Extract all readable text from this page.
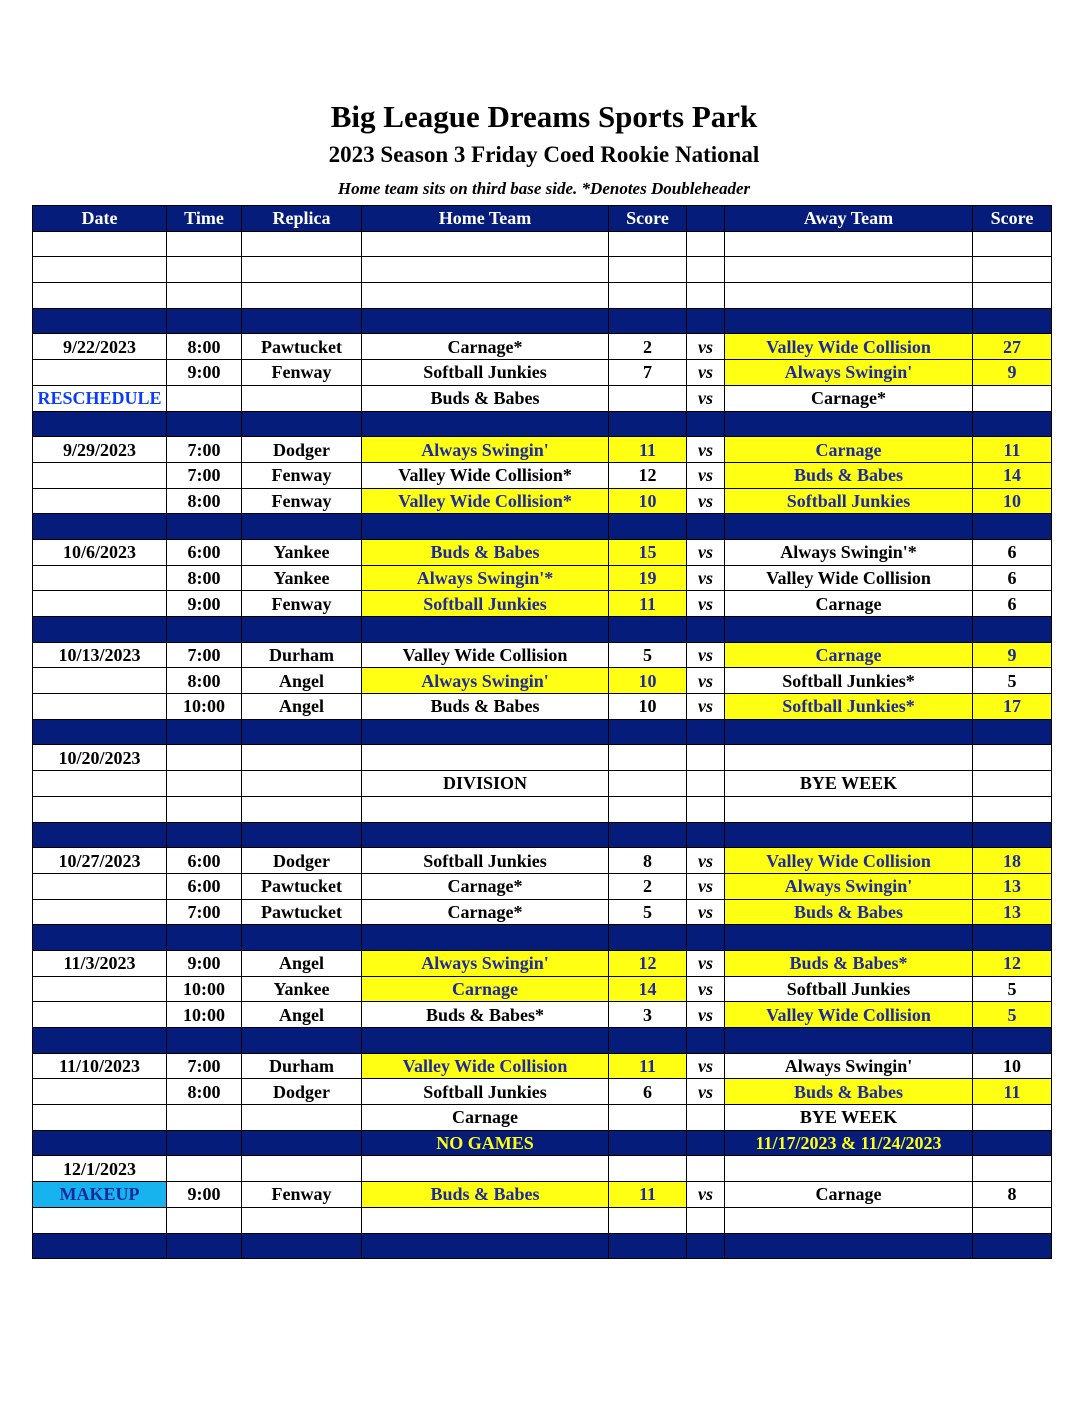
Big League Dreams Sports Park
2023 Season 3 Friday Coed Rookie National
Home team sits on third base side. *Denotes Doubleheader
Date	Time	Replica	Home Team	Score		Away Team	Score

9/22/2023	8:00	Pawtucket	Carnage*	2	vs	Valley Wide Collision	27
	9:00	Fenway	Softball Junkies	7	vs	Always Swingin'	9
RESCHEDULE			Buds & Babes		vs	Carnage*	

9/29/2023	7:00	Dodger	Always Swingin'	11	vs	Carnage	11
	7:00	Fenway	Valley Wide Collision*	12	vs	Buds & Babes	14
	8:00	Fenway	Valley Wide Collision*	10	vs	Softball Junkies	10

10/6/2023	6:00	Yankee	Buds & Babes	15	vs	Always Swingin'*	6
	8:00	Yankee	Always Swingin'*	19	vs	Valley Wide Collision	6
	9:00	Fenway	Softball Junkies	11	vs	Carnage	6

10/13/2023	7:00	Durham	Valley Wide Collision	5	vs	Carnage	9
	8:00	Angel	Always Swingin'	10	vs	Softball Junkies*	5
	10:00	Angel	Buds & Babes	10	vs	Softball Junkies*	17

10/20/2023							
			DIVISION			BYE WEEK	

10/27/2023	6:00	Dodger	Softball Junkies	8	vs	Valley Wide Collision	18
	6:00	Pawtucket	Carnage*	2	vs	Always Swingin'	13
	7:00	Pawtucket	Carnage*	5	vs	Buds & Babes	13

11/3/2023	9:00	Angel	Always Swingin'	12	vs	Buds & Babes*	12
	10:00	Yankee	Carnage	14	vs	Softball Junkies	5
	10:00	Angel	Buds & Babes*	3	vs	Valley Wide Collision	5

11/10/2023	7:00	Durham	Valley Wide Collision	11	vs	Always Swingin'	10
	8:00	Dodger	Softball Junkies	6	vs	Buds & Babes	11
			Carnage			BYE WEEK	
			NO GAMES			11/17/2023 & 11/24/2023	
12/1/2023							
MAKEUP	9:00	Fenway	Buds & Babes	11	vs	Carnage	8
